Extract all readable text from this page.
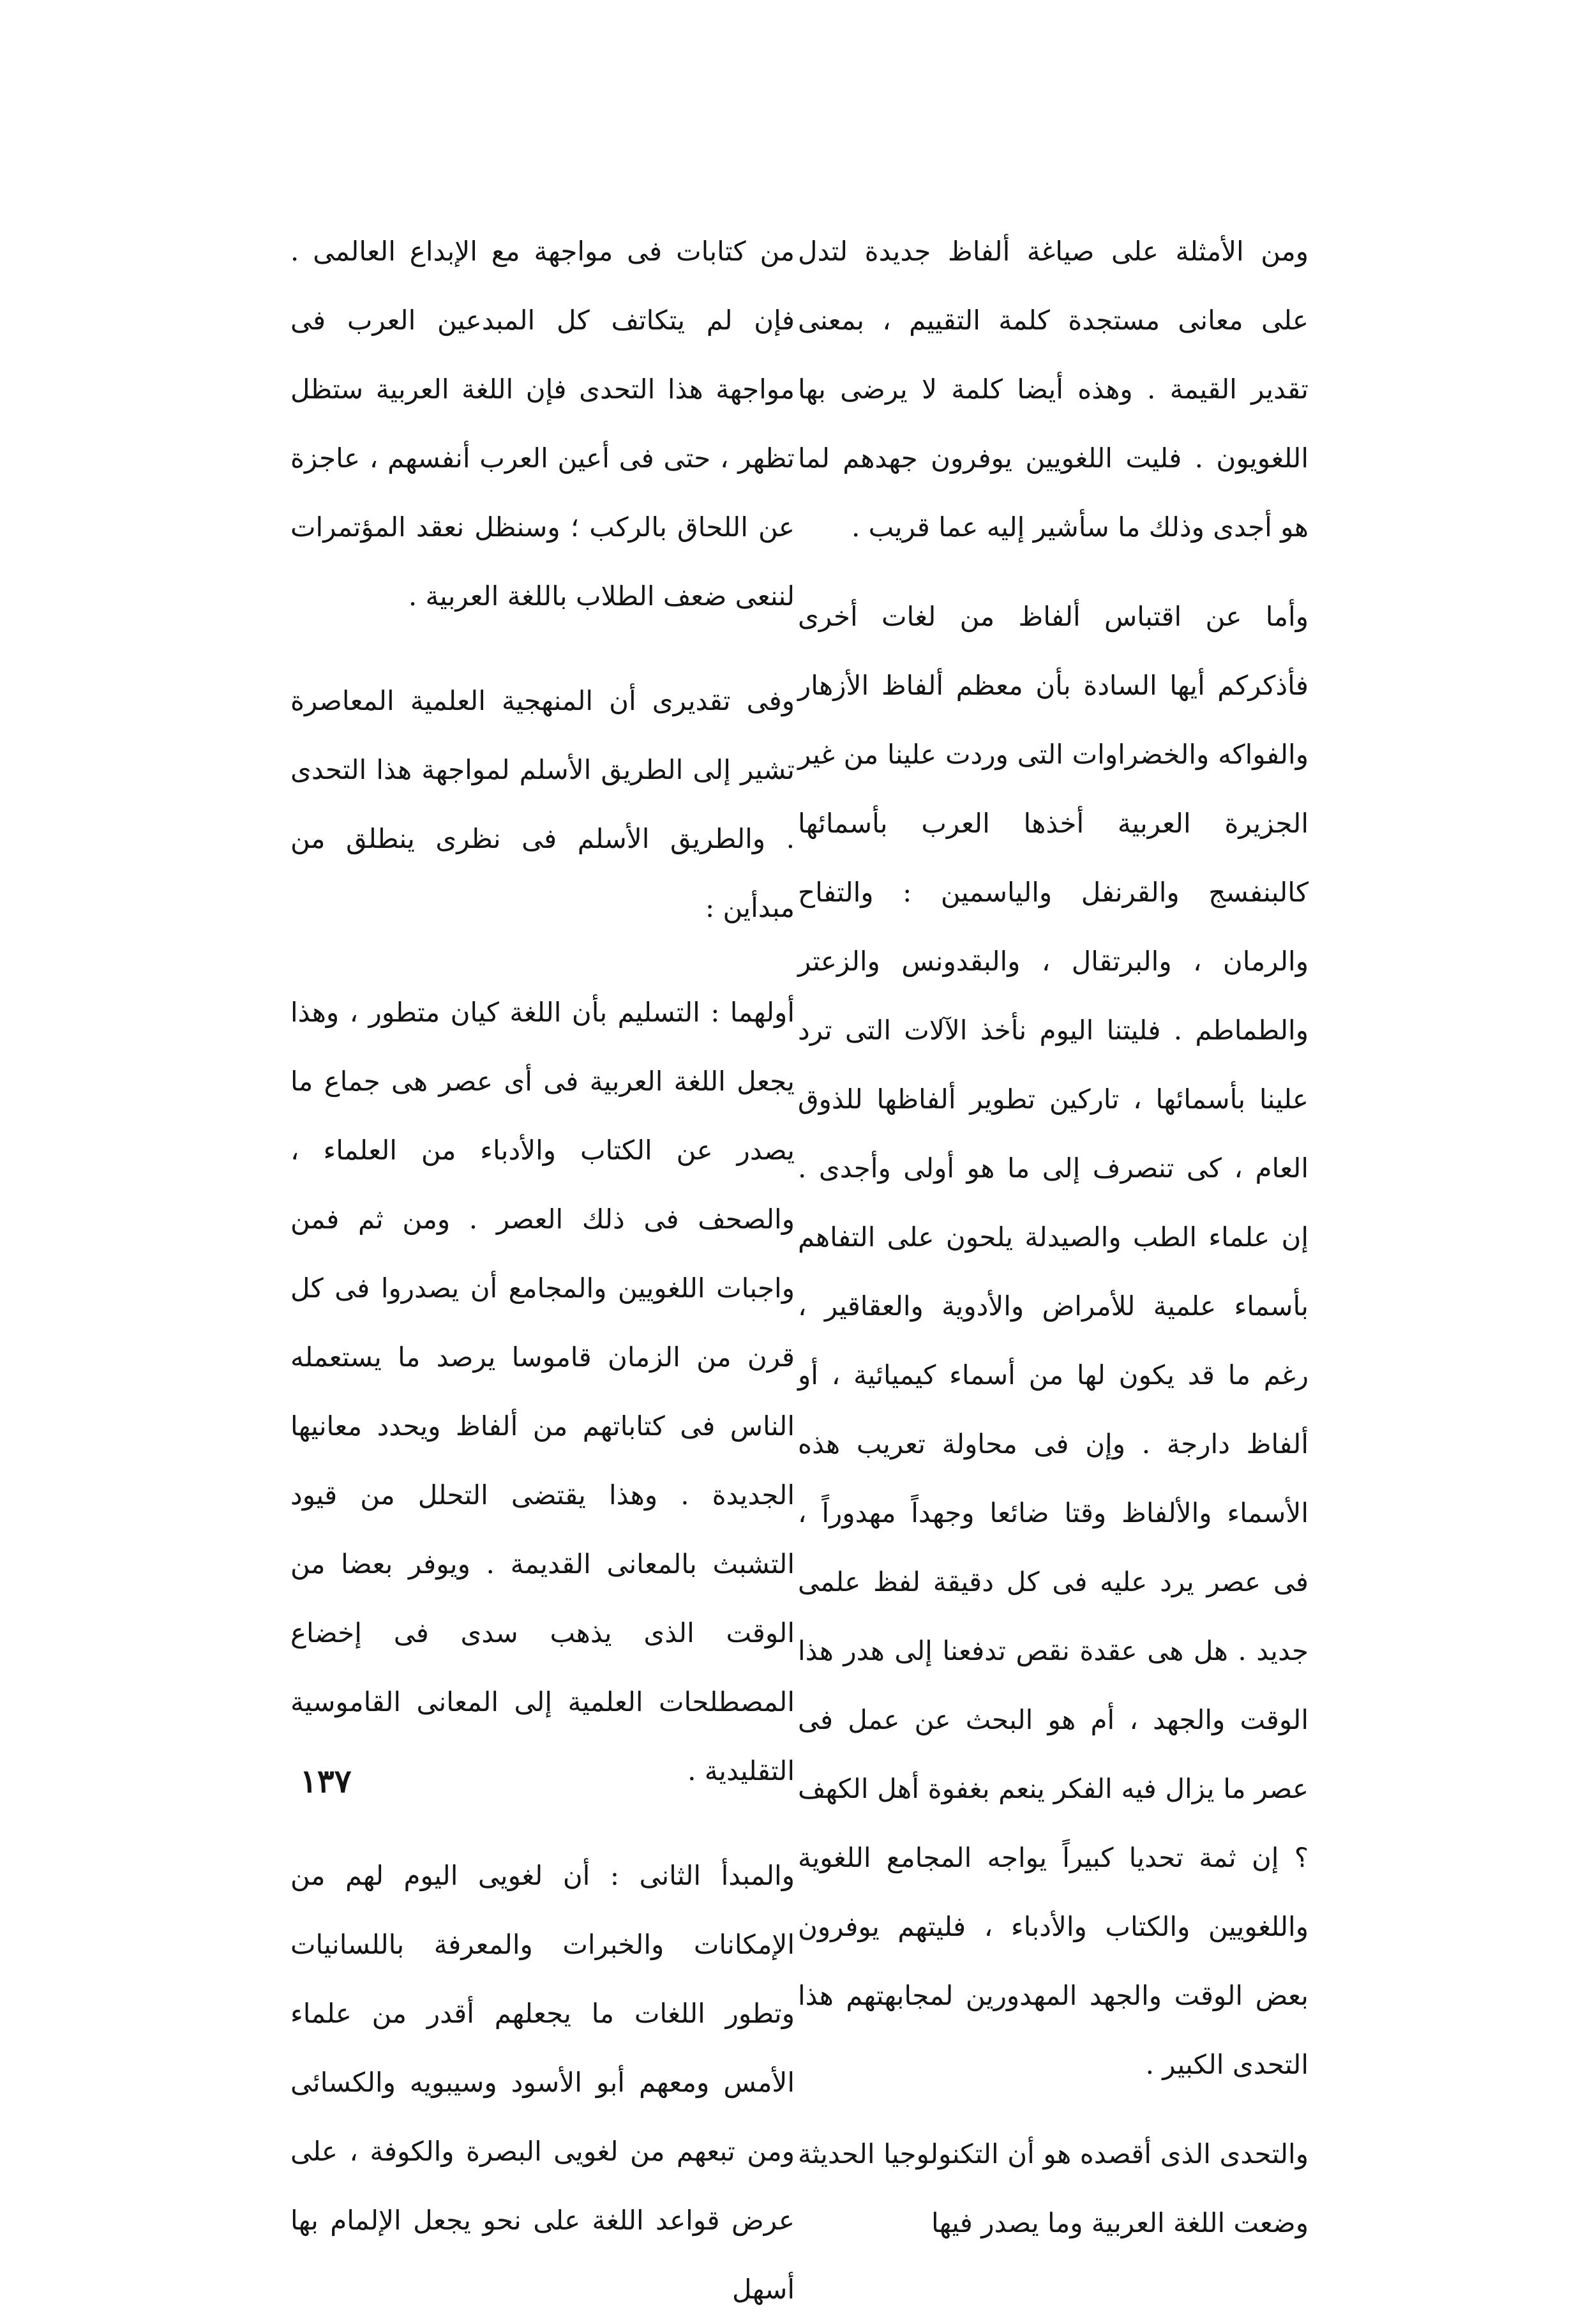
ومن الأمثلة على صياغة ألفاظ جديدة لتدل على معانى مستجدة كلمة التقييم ، بمعنى تقدير القيمة . وهذه أيضا كلمة لا يرضى بها اللغويون . فليت اللغويين يوفرون جهدهم لما هو أجدى وذلك ما سأشير إليه عما قريب .

وأما عن اقتباس ألفاظ من لغات أخرى فأذكركم أيها السادة بأن معظم ألفاظ الأزهار والفواكه والخضراوات التى وردت علينا من غير الجزيرة العربية أخذها العرب بأسمائها كالبنفسج والقرنفل والياسمين : والتفاح والرمان ، والبرتقال ، والبقدونس والزعتر والطماطم . فليتنا اليوم نأخذ الآلات التى ترد علينا بأسمائها ، تاركين تطوير ألفاظها للذوق العام ، كى تنصرف إلى ما هو أولى وأجدى . إن علماء الطب والصيدلة يلحون على التفاهم بأسماء علمية للأمراض والأدوية والعقاقير ، رغم ما قد يكون لها من أسماء كيميائية ، أو ألفاظ دارجة . وإن فى محاولة تعريب هذه الأسماء والألفاظ وقتا ضائعا وجهداً مهدوراً ، فى عصر يرد عليه فى كل دقيقة لفظ علمى جديد . هل هى عقدة نقص تدفعنا إلى هدر هذا الوقت والجهد ، أم هو البحث عن عمل فى عصر ما يزال فيه الفكر ينعم بغفوة أهل الكهف ؟ إن ثمة تحديا كبيراً يواجه المجامع اللغوية واللغويين والكتاب والأدباء ، فليتهم يوفرون بعض الوقت والجهد المهدورين لمجابهتهم هذا التحدى الكبير .

والتحدى الذى أقصده هو أن التكنولوجيا الحديثة وضعت اللغة العربية وما يصدر فيها

من كتابات فى مواجهة مع الإبداع العالمى . فإن لم يتكاتف كل المبدعين العرب فى مواجهة هذا التحدى فإن اللغة العربية ستظل تظهر ، حتى فى أعين العرب أنفسهم ، عاجزة عن اللحاق بالركب ؛ وسنظل نعقد المؤتمرات لننعى ضعف الطلاب باللغة العربية .

وفى تقديرى أن المنهجية العلمية المعاصرة تشير إلى الطريق الأسلم لمواجهة هذا التحدى . والطريق الأسلم فى نظرى ينطلق من مبدأين :

أولهما : التسليم بأن اللغة كيان متطور ، وهذا يجعل اللغة العربية فى أى عصر هى جماع ما يصدر عن الكتاب والأدباء من العلماء ، والصحف فى ذلك العصر . ومن ثم فمن واجبات اللغويين والمجامع أن يصدروا فى كل قرن من الزمان قاموسا يرصد ما يستعمله الناس فى كتاباتهم من ألفاظ ويحدد معانيها الجديدة . وهذا يقتضى التحلل من قيود التشبث بالمعانى القديمة . ويوفر بعضا من الوقت الذى يذهب سدى فى إخضاع المصطلحات العلمية إلى المعانى القاموسية التقليدية .

والمبدأ الثانى : أن لغويى اليوم لهم من الإمكانات والخبرات والمعرفة باللسانيات وتطور اللغات ما يجعلهم أقدر من علماء الأمس ومعهم أبو الأسود وسيبويه والكسائى ومن تبعهم من لغويى البصرة والكوفة ، على عرض قواعد اللغة على نحو يجعل الإلمام بها أسهل

١٣٧
